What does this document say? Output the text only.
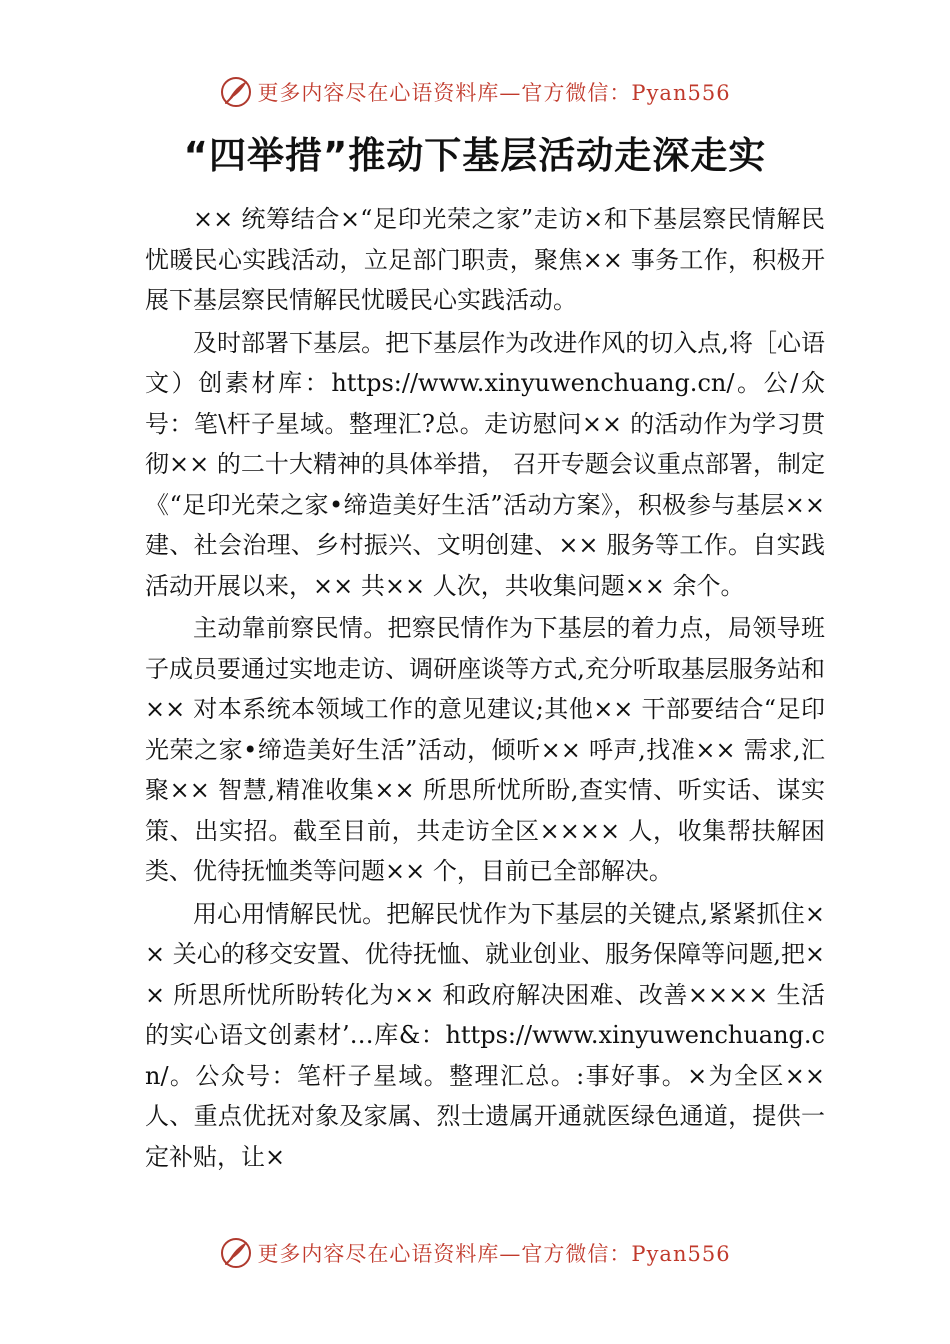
更多内容尽在心语资料库—官方微信：Pyan556
“四举措”推动下基层活动走深走实

×× 统筹结合×“足印光荣之家”走访×和下基层察民情解民忧暖民心实践活动，立足部门职责，聚焦×× 事务工作，积极开展下基层察民情解民忧暖民心实践活动。

及时部署下基层。把下基层作为改进作风的切入点,将［心语文）创素材库：https://www.xinyuwenchuang.cn/。公/众号：笔\杆子星域。整理汇?总。走访慰问×× 的活动作为学习贯彻×× 的二十大精神的具体举措， 召开专题会议重点部署，制定《“足印光荣之家•缔造美好生活”活动方案》，积极参与基层×× 建、社会治理、乡村振兴、文明创建、×× 服务等工作。自实践活动开展以来，×× 共×× 人次，共收集问题×× 余个。

主动靠前察民情。把察民情作为下基层的着力点，局领导班子成员要通过实地走访、调研座谈等方式,充分听取基层服务站和×× 对本系统本领域工作的意见建议;其他×× 干部要结合“足印光荣之家•缔造美好生活”活动，倾听×× 呼声,找准×× 需求,汇聚×× 智慧,精准收集×× 所思所忧所盼,查实情、听实话、谋实策、出实招。截至目前，共走访全区×××× 人，收集帮扶解困类、优待抚恤类等问题×× 个，目前已全部解决。

用心用情解民忧。把解民忧作为下基层的关键点,紧紧抓住×× 关心的移交安置、优待抚恤、就业创业、服务保障等问题,把×× 所思所忧所盼转化为×× 和政府解决困难、改善×××× 生活的实心语文创素材’…库&：https://www.xinyuwenchuang.cn/。公众号：笔杆子星域。整理汇总。:事好事。×为全区×× 人、重点优抚对象及家属、烈士遗属开通就医绿色通道，提供一定补贴，让×

更多内容尽在心语资料库—官方微信：Pyan556
